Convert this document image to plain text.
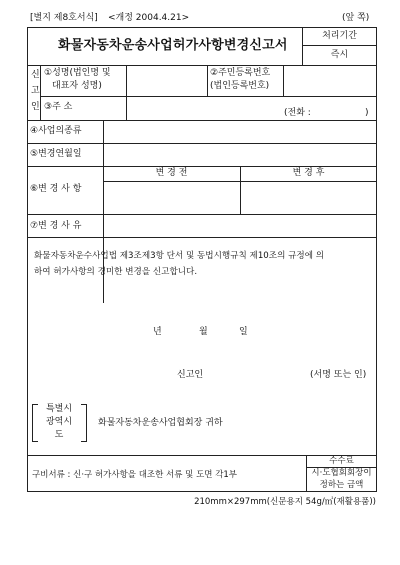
[별지 제8호서식] <개정 2004.4.21>	(앞 쪽)
화물자동차운송사업허가사항변경신고서
처리기간
즉시
신
고
인
①성명(법인명 및
대표자 성명)
②주민등록번호
(법인등록번호)
③주 소
(전화 :	)
④사업의종류
⑤변경연월일
⑥변 경 사 항
변 경 전	변 경 후
⑦변 경 사 유
화물자동차운수사업법 제3조제3항 단서 및 동법시행규칙 제10조의 규정에 의
하여 허가사항의 경미한 변경을 신고합니다.
년	월	일
신고인	(서명 또는 인)
특별시
광역시
도
화물자동차운송사업협회장 귀하
구비서류 : 신·구 허가사항을 대조한 서류 및 도면 각1부
수수료
시·도협회회장이
정하는 금액
210mm×297mm(신문용지 54g/㎡(재활용품))
